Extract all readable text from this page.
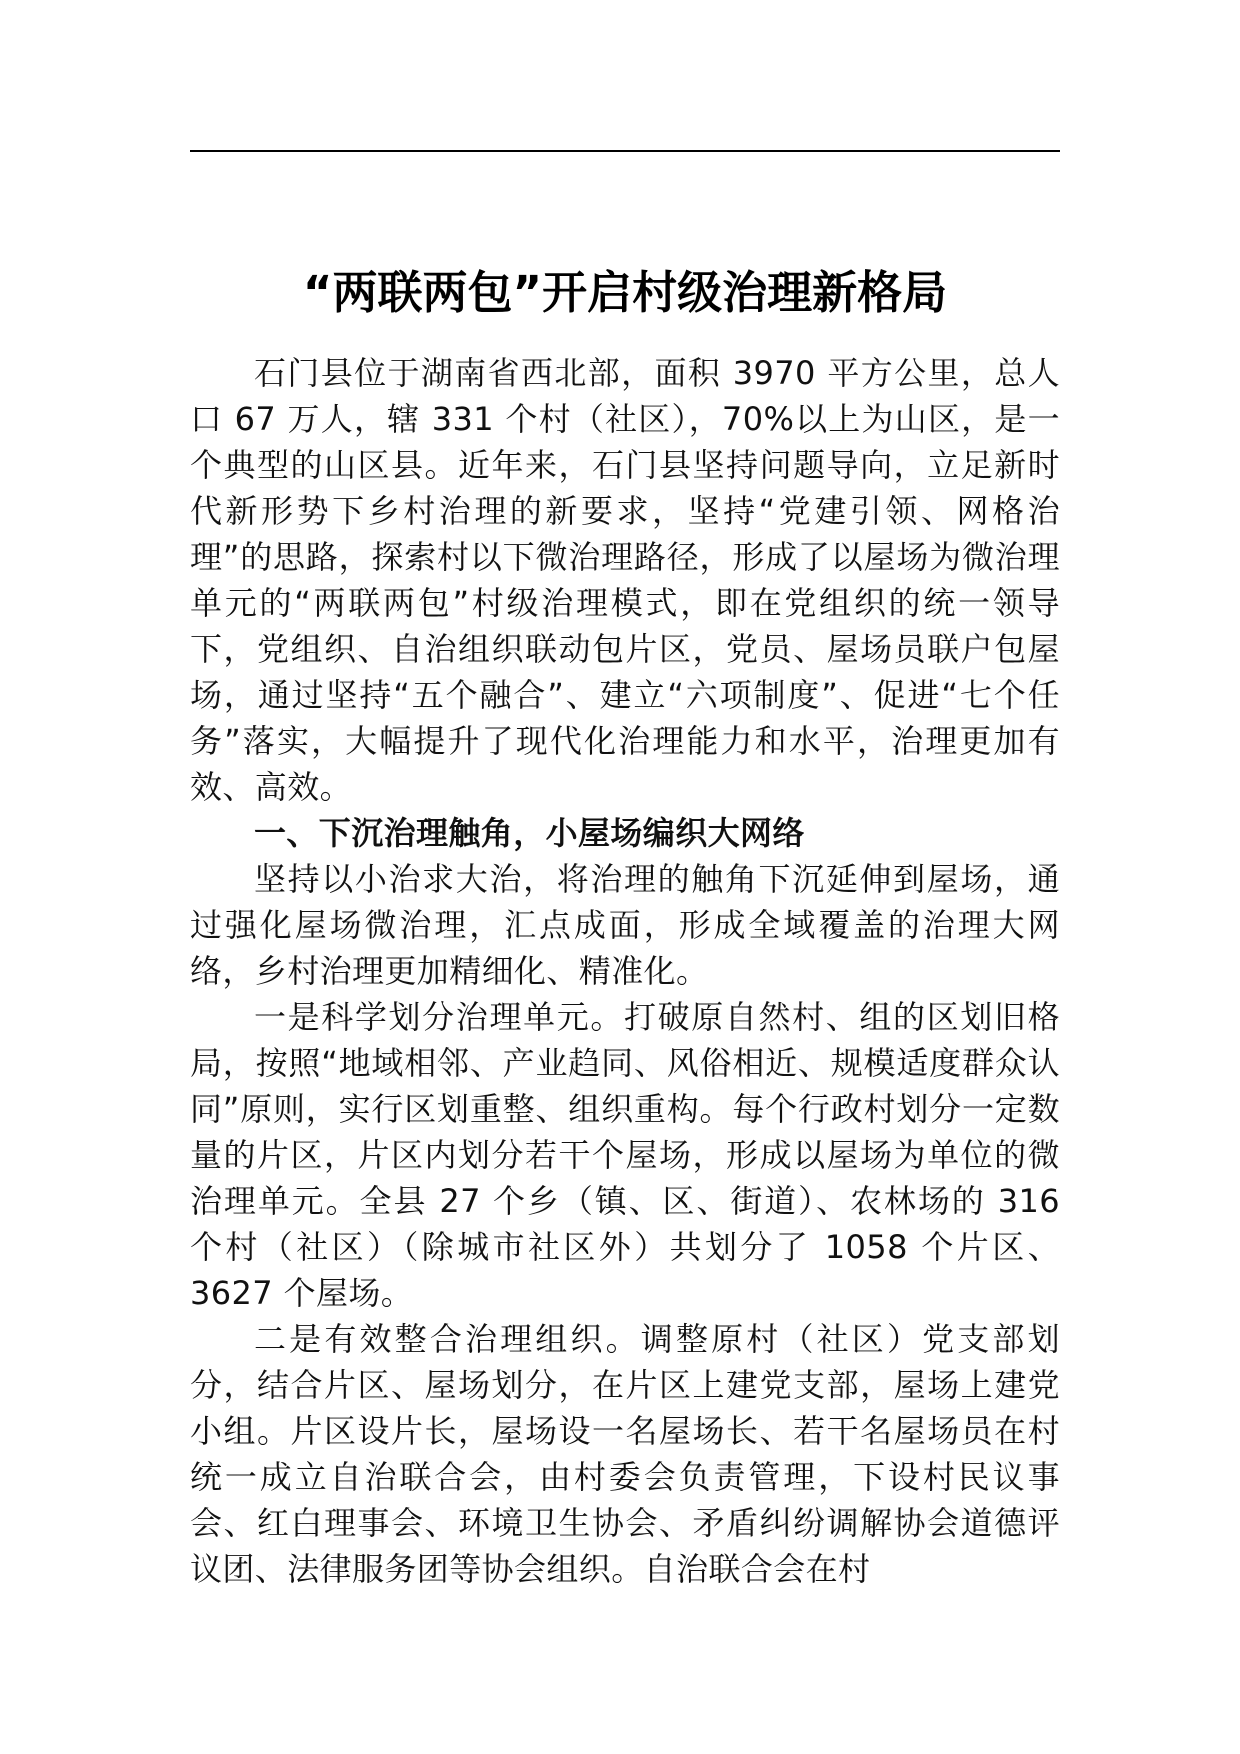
“两联两包”开启村级治理新格局

石门县位于湖南省西北部，面积 3970 平方公里，总人口 67 万人，辖 331 个村（社区），70%以上为山区，是一个典型的山区县。近年来，石门县坚持问题导向，立足新时代新形势下乡村治理的新要求，坚持“党建引领、网格治理”的思路，探索村以下微治理路径，形成了以屋场为微治理单元的“两联两包”村级治理模式，即在党组织的统一领导下，党组织、自治组织联动包片区，党员、屋场员联户包屋场，通过坚持“五个融合”、建立“六项制度”、促进“七个任务”落实，大幅提升了现代化治理能力和水平，治理更加有效、高效。

一、下沉治理触角，小屋场编织大网络

坚持以小治求大治，将治理的触角下沉延伸到屋场，通过强化屋场微治理，汇点成面，形成全域覆盖的治理大网络，乡村治理更加精细化、精准化。

一是科学划分治理单元。打破原自然村、组的区划旧格局，按照“地域相邻、产业趋同、风俗相近、规模适度群众认同”原则，实行区划重整、组织重构。每个行政村划分一定数量的片区，片区内划分若干个屋场，形成以屋场为单位的微治理单元。全县 27 个乡（镇、区、街道）、农林场的 316 个村（社区）（除城市社区外）共划分了 1058 个片区、3627 个屋场。

二是有效整合治理组织。调整原村（社区）党支部划分，结合片区、屋场划分，在片区上建党支部，屋场上建党小组。片区设片长，屋场设一名屋场长、若干名屋场员在村统一成立自治联合会，由村委会负责管理，下设村民议事会、红白理事会、环境卫生协会、矛盾纠纷调解协会道德评议团、法律服务团等协会组织。自治联合会在村
